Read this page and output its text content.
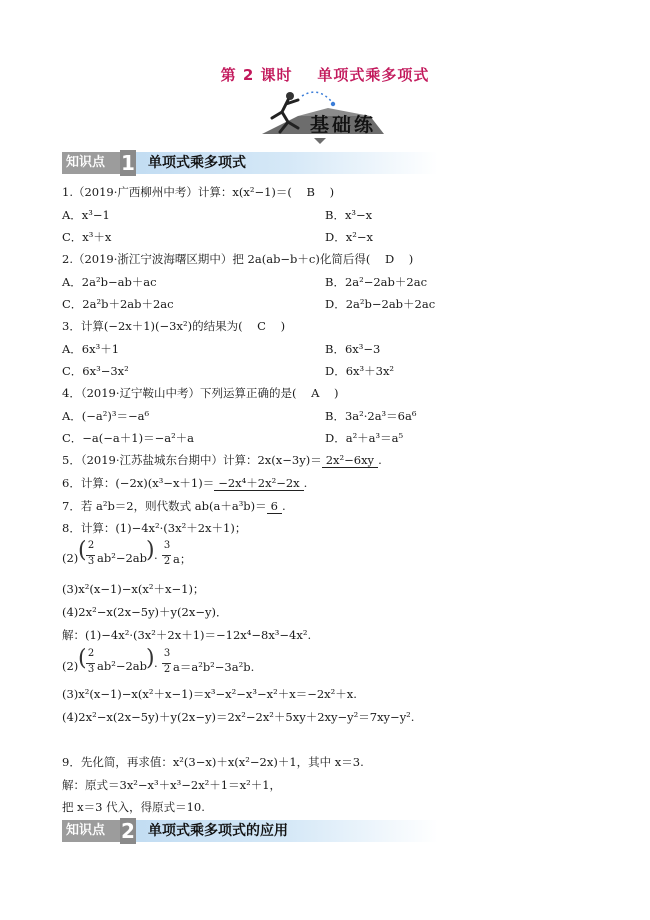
第 2 课时    单项式乘多项式
基础练
知识点 1 单项式乘多项式
1.（2019·广西柳州中考）计算：x(x²−1)＝(    B    )
A．x³−1	B．x³−x
C．x³＋x	D．x²−x
2.（2019·浙江宁波海曙区期中）把 2a(ab−b＋c)化简后得(    D    )
A．2a²b−ab＋ac	B．2a²−2ab＋2ac
C．2a²b＋2ab＋2ac	D．2a²b−2ab＋2ac
3．计算(−2x＋1)(−3x²)的结果为(    C    )
A．6x³＋1	B．6x³−3
C．6x³−3x²	D．6x³＋3x²
4．（2019·辽宁鞍山中考）下列运算正确的是(    A    )
A．(−a²)³＝−a⁶	B．3a²·2a³＝6a⁶
C．−a(−a＋1)＝−a²＋a	D．a²＋a³＝a⁵
5．（2019·江苏盐城东台期中）计算：2x(x−3y)＝ 2x²−6xy .
6．计算：(−2x)(x³−x＋1)＝ −2x⁴＋2x²−2x .
7．若 a²b＝2，则代数式 ab(a＋a³b)＝ 6 .
8．计算：(1)−4x²·(3x²＋2x＋1)；
(2) ( 2
3 ab²−2ab ) ·
3
2 a；
(3)x²(x−1)−x(x²＋x−1)；
(4)2x²−x(2x−5y)＋y(2x−y)．
解：(1)−4x²·(3x²＋2x＋1)＝−12x⁴−8x³−4x².
(2) ( 2
3 ab²−2ab ) ·
3
2 a＝a²b²−3a²b.
(3)x²(x−1)−x(x²＋x−1)＝x³−x²−x³−x²＋x＝−2x²＋x.
(4)2x²−x(2x−5y)＋y(2x−y)＝2x²−2x²＋5xy＋2xy−y²＝7xy−y².
9．先化简，再求值：x²(3−x)＋x(x²−2x)＋1，其中 x＝3.
解：原式＝3x²−x³＋x³−2x²＋1＝x²＋1，
把 x＝3 代入，得原式＝10.
知识点 2 单项式乘多项式的应用
